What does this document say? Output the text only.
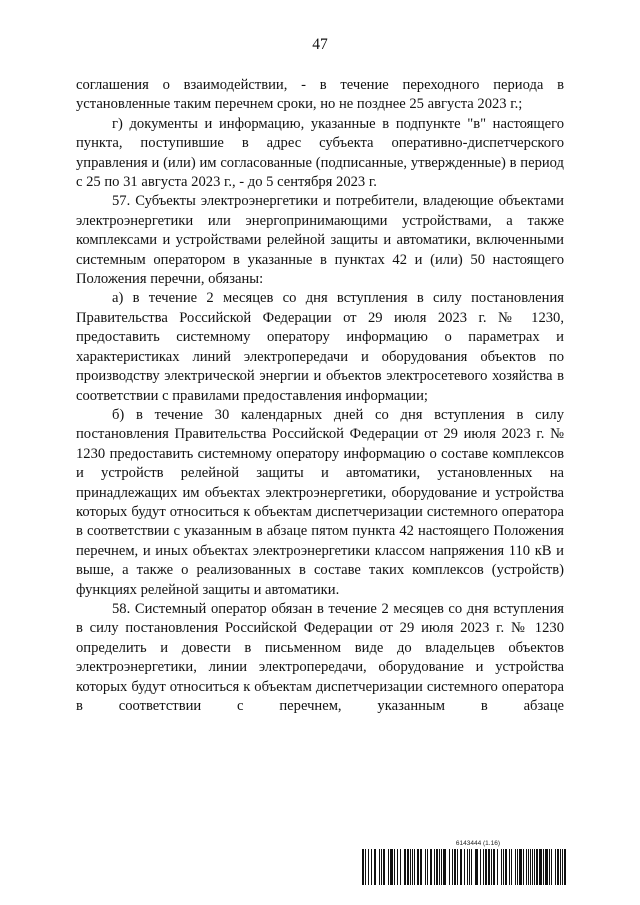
47

соглашения о взаимодействии, - в течение переходного периода в установленные таким перечнем сроки, но не позднее 25 августа 2023 г.;

г) документы и информацию, указанные в подпункте "в" настоящего пункта, поступившие в адрес субъекта оперативно-диспетчерского управления и (или) им согласованные (подписанные, утвержденные) в период с 25 по 31 августа 2023 г., - до 5 сентября 2023 г.

57. Субъекты электроэнергетики и потребители, владеющие объектами электроэнергетики или энергопринимающими устройствами, а также комплексами и устройствами релейной защиты и автоматики, включенными системным оператором в указанные в пунктах 42 и (или) 50 настоящего Положения перечни, обязаны:

а) в течение 2 месяцев со дня вступления в силу постановления Правительства Российской Федерации от 29 июля 2023 г. № 1230, предоставить системному оператору информацию о параметрах и характеристиках линий электропередачи и оборудования объектов по производству электрической энергии и объектов электросетевого хозяйства в соответствии с правилами предоставления информации;

б) в течение 30 календарных дней со дня вступления в силу постановления Правительства Российской Федерации от 29 июля 2023 г. № 1230 предоставить системному оператору информацию о составе комплексов и устройств релейной защиты и автоматики, установленных на принадлежащих им объектах электроэнергетики, оборудование и устройства которых будут относиться к объектам диспетчеризации системного оператора в соответствии с указанным в абзаце пятом пункта 42 настоящего Положения перечнем, и иных объектах электроэнергетики классом напряжения 110 кВ и выше, а также о реализованных в составе таких комплексов (устройств) функциях релейной защиты и автоматики.

58. Системный оператор обязан в течение 2 месяцев со дня вступления в силу постановления Российской Федерации от 29 июля 2023 г. № 1230 определить и довести в письменном виде до владельцев объектов электроэнергетики, линии электропередачи, оборудование и устройства которых будут относиться к объектам диспетчеризации системного оператора в соответствии с перечнем, указанным в абзаце

6143444 (1.16)
